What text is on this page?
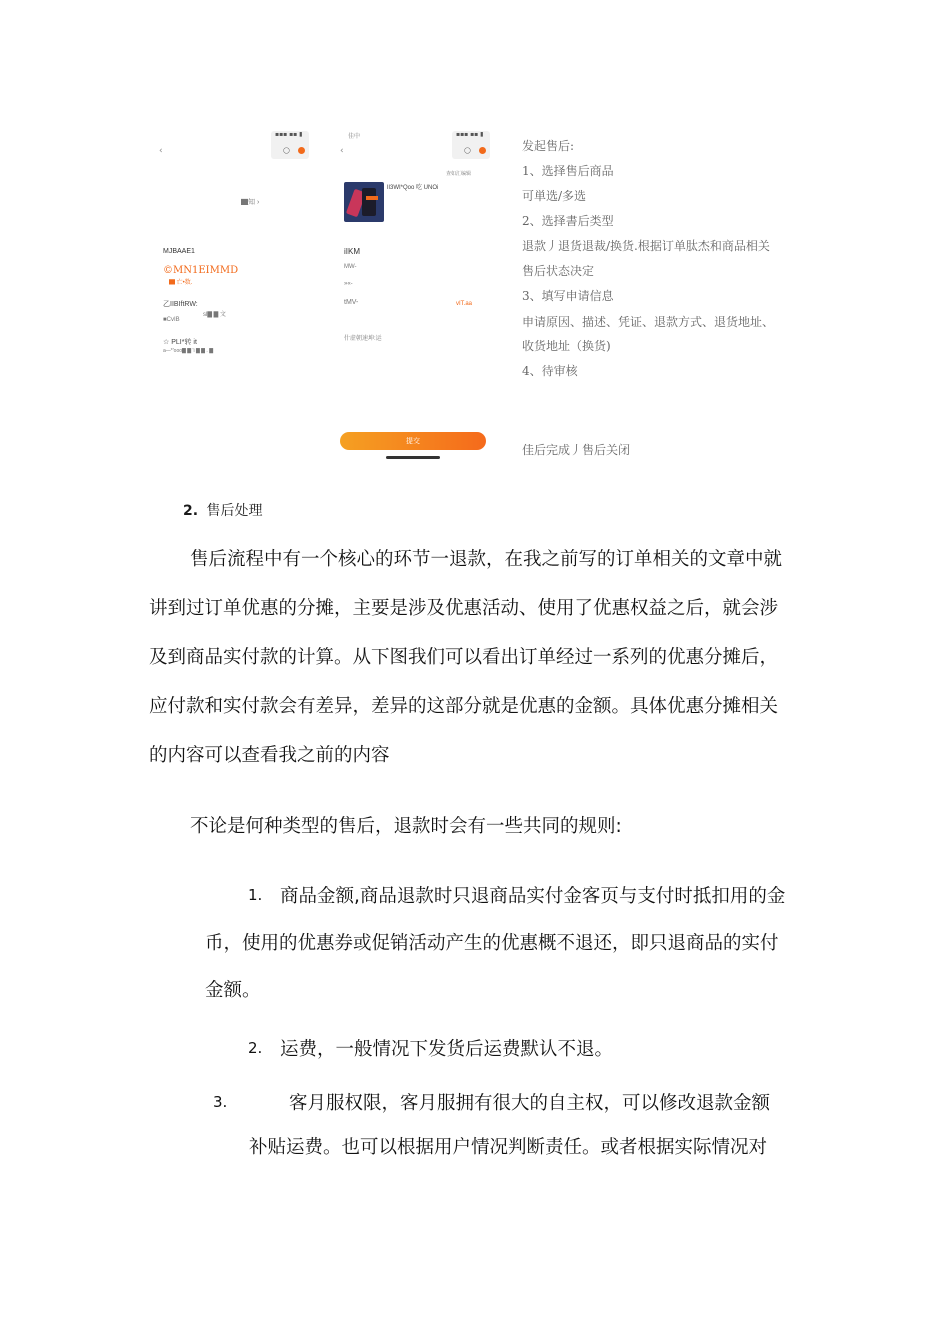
‹
▪▪▪ ▪▪ ▮
◯
▇知 ›
MJBAAE1
©MN1EIMMD
▇ 亡•数.
乙IIBIftRW:
sl▇ ▇ 文
■CvIB
☆ PLI*转 it
a—*'ooo▇ ▇ 'i ▇ ▇ . ▇
佳中
‹
▪▪▪ ▪▪ ▮
◯
查如汇编辑
lI3WI*Qoo 吃 UNOi
iIKM
MW-
»«-
tMV-	vIT.aa
什虚朝速坤:运
提交
发起售后:
1、选择售后商品
可単选/多选
2、选择書后类型
退款丿退货退裁/换货.根据订单肽杰和商品相关
售后状态决定
3、填写申请信息
申请原因、描述、凭证、退款方式、退货地址、
收货地址（换货)
4、待审核
佳后完成丿售后关闭
2. 售后处理
售后流程中有一个核心的环节一退款，在我之前写的订单相关的文章中就
讲到过订单优惠的分摊，主要是涉及优惠活动、使用了优惠权益之后，就会涉
及到商品实付款的计算。从下图我们可以看出订单经过一系列的优惠分摊后，
应付款和实付款会有差异，差异的这部分就是优惠的金额。具体优惠分摊相关
的内容可以查看我之前的内容
不论是何种类型的售后，退款时会有一些共同的规则:
1. 商品金额,商品退款时只退商品实付金客页与支付时抵扣用的金
币，使用的优惠券或促销活动产生的优惠概不退还，即只退商品的实付
金额。
2. 运费，一般情况下发货后运费默认不退。
3.	客月服权限，客月服拥有很大的自主权，可以修改退款金额
补贴运费。也可以根据用户情况判断责任。或者根据实际情况对
